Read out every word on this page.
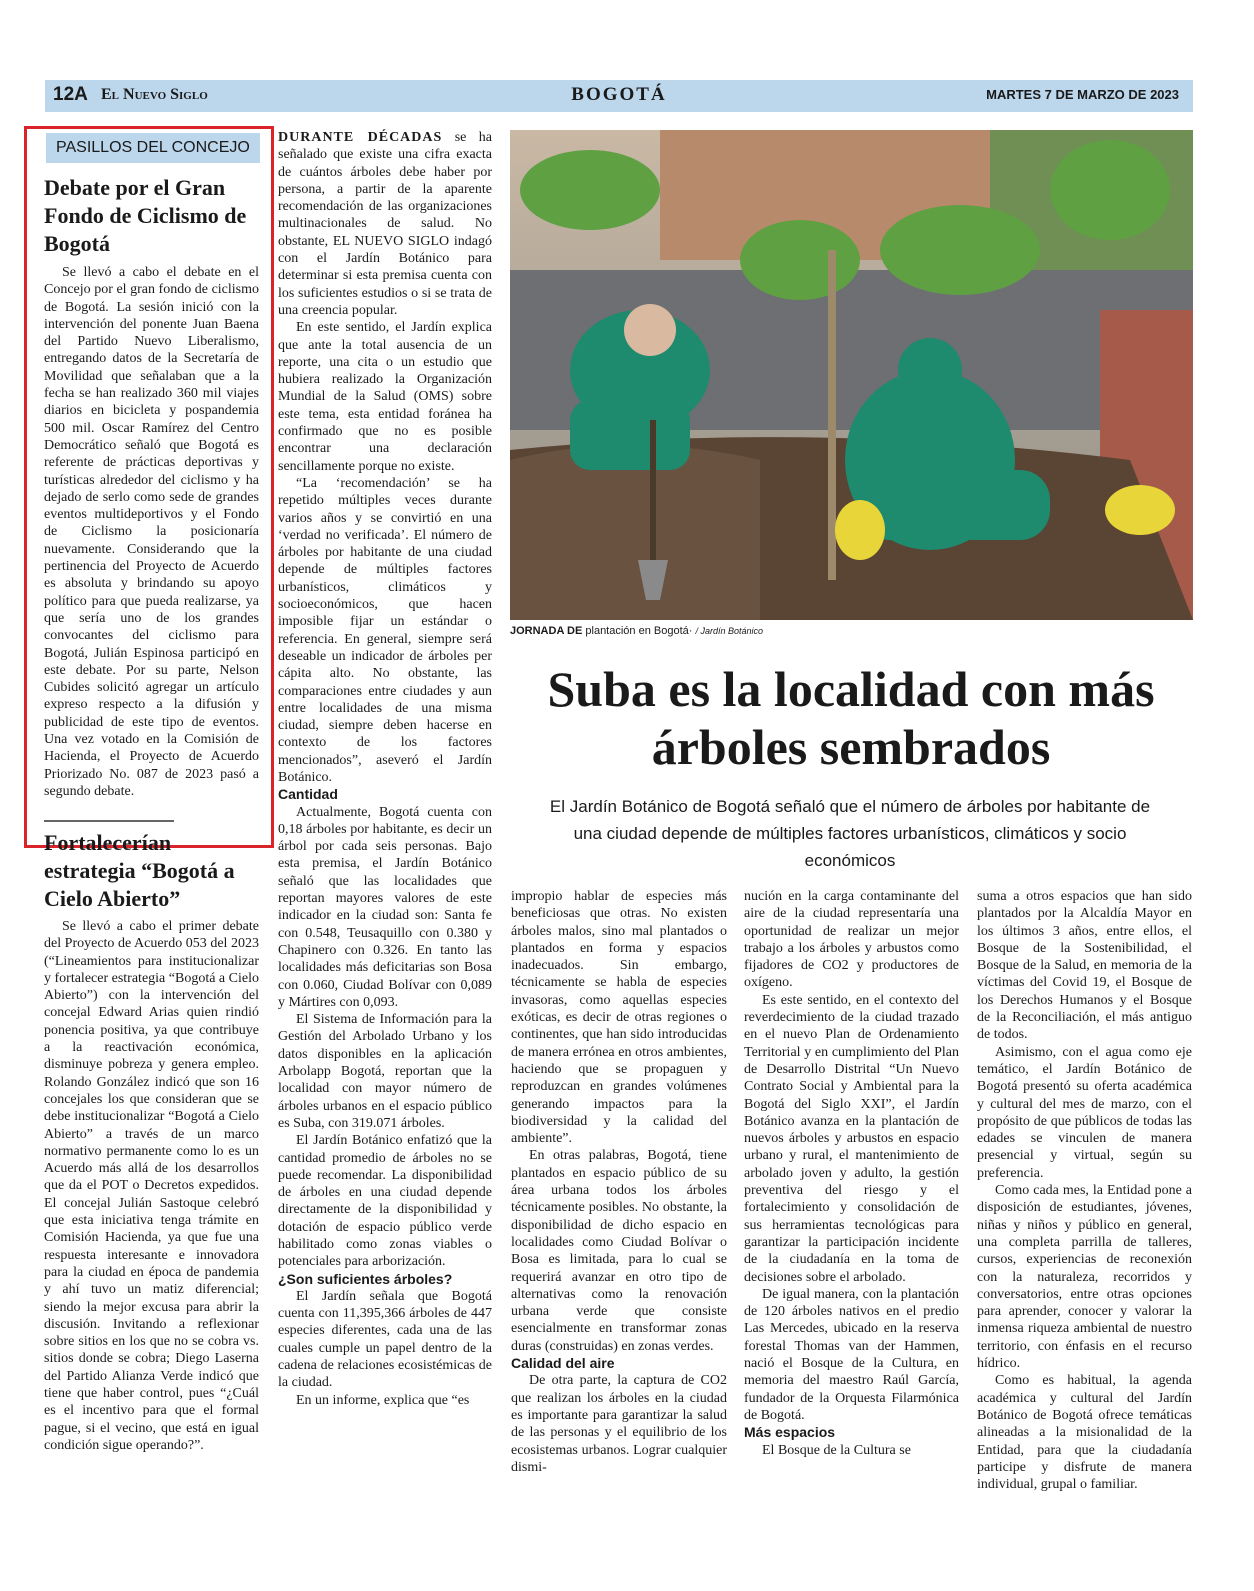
12A El Nuevo Siglo	BOGOTÁ	MARTES 7 DE MARZO DE 2023
PASILLOS DEL CONCEJO
Debate por el Gran Fondo de Ciclismo de Bogotá

Se llevó a cabo el debate en el Concejo por el gran fondo de ciclismo de Bogotá. La sesión inició con la intervención del ponente Juan Baena del Partido Nuevo Liberalismo, entregando datos de la Secretaría de Movilidad que señalaban que a la fecha se han realizado 360 mil viajes diarios en bicicleta y pospandemia 500 mil. Oscar Ramírez del Centro Democrático señaló que Bogotá es referente de prácticas deportivas y turísticas alrededor del ciclismo y ha dejado de serlo como sede de grandes eventos multideportivos y el Fondo de Ciclismo la posicionaría nuevamente. Considerando que la pertinencia del Proyecto de Acuerdo es absoluta y brindando su apoyo político para que pueda realizarse, ya que sería uno de los grandes convocantes del ciclismo para Bogotá, Julián Espinosa participó en este debate. Por su parte, Nelson Cubides solicitó agregar un artículo expreso respecto a la difusión y publicidad de este tipo de eventos. Una vez votado en la Comisión de Hacienda, el Proyecto de Acuerdo Priorizado No. 087 de 2023 pasó a segundo debate.

Fortalecerían estrategia “Bogotá a Cielo Abierto”

Se llevó a cabo el primer debate del Proyecto de Acuerdo 053 del 2023 (“Lineamientos para institucionalizar y fortalecer estrategia “Bogotá a Cielo Abierto”) con la intervención del concejal Edward Arias quien rindió ponencia positiva, ya que contribuye a la reactivación económica, disminuye pobreza y genera empleo. Rolando González indicó que son 16 concejales los que consideran que se debe institucionalizar “Bogotá a Cielo Abierto” a través de un marco normativo permanente como lo es un Acuerdo más allá de los desarrollos que da el POT o Decretos expedidos. El concejal Julián Sastoque celebró que esta iniciativa tenga trámite en Comisión Hacienda, ya que fue una respuesta interesante e innovadora para la ciudad en época de pandemia y ahí tuvo un matiz diferencial; siendo la mejor excusa para abrir la discusión. Invitando a reflexionar sobre sitios en los que no se cobra vs. sitios donde se cobra; Diego Laserna del Partido Alianza Verde indicó que tiene que haber control, pues “¿Cuál es el incentivo para que el formal pague, si el vecino, que está en igual condición sigue operando?”.

DURANTE DÉCADAS se ha señalado que existe una cifra exacta de cuántos árboles debe haber por persona, a partir de la aparente recomendación de las organizaciones multinacionales de salud. No obstante, EL NUEVO SIGLO indagó con el Jardín Botánico para determinar si esta premisa cuenta con los suficientes estudios o si se trata de una creencia popular.

En este sentido, el Jardín explica que ante la total ausencia de un reporte, una cita o un estudio que hubiera realizado la Organización Mundial de la Salud (OMS) sobre este tema, esta entidad foránea ha confirmado que no es posible encontrar una declaración sencillamente porque no existe.

“La ‘recomendación’ se ha repetido múltiples veces durante varios años y se convirtió en una ‘verdad no verificada’. El número de árboles por habitante de una ciudad depende de múltiples factores urbanísticos, climáticos y socioeconómicos, que hacen imposible fijar un estándar o referencia. En general, siempre será deseable un indicador de árboles per cápita alto. No obstante, las comparaciones entre ciudades y aun entre localidades de una misma ciudad, siempre deben hacerse en contexto de los factores mencionados”, aseveró el Jardín Botánico.

Cantidad

Actualmente, Bogotá cuenta con 0,18 árboles por habitante, es decir un árbol por cada seis personas. Bajo esta premisa, el Jardín Botánico señaló que las localidades que reportan mayores valores de este indicador en la ciudad son: Santa fe con 0.548, Teusaquillo con 0.380 y Chapinero con 0.326. En tanto las localidades más deficitarias son Bosa con 0.060, Ciudad Bolívar con 0,089 y Mártires con 0,093.

El Sistema de Información para la Gestión del Arbolado Urbano y los datos disponibles en la aplicación Arbolapp Bogotá, reportan que la localidad con mayor número de árboles urbanos en el espacio público es Suba, con 319.071 árboles.

El Jardín Botánico enfatizó que la cantidad promedio de árboles no se puede recomendar. La disponibilidad de árboles en una ciudad depende directamente de la disponibilidad y dotación de espacio público verde habilitado como zonas viables o potenciales para arborización.

¿Son suficientes árboles?

El Jardín señala que Bogotá cuenta con 11,395,366 árboles de 447 especies diferentes, cada una de las cuales cumple un papel dentro de la cadena de relaciones ecosistémicas de la ciudad.

En un informe, explica que “es

JORNADA DE plantación en Bogotá· / Jardín Botánico
Suba es la localidad con más árboles sembrados
El Jardín Botánico de Bogotá señaló que el número de árboles por habitante de una ciudad depende de múltiples factores urbanísticos, climáticos y socio económicos

impropio hablar de especies más beneficiosas que otras. No existen árboles malos, sino mal plantados o plantados en forma y espacios inadecuados. Sin embargo, técnicamente se habla de especies invasoras, como aquellas especies exóticas, es decir de otras regiones o continentes, que han sido introducidas de manera errónea en otros ambientes, haciendo que se propaguen y reproduzcan en grandes volúmenes generando impactos para la biodiversidad y la calidad del ambiente”.

En otras palabras, Bogotá, tiene plantados en espacio público de su área urbana todos los árboles técnicamente posibles. No obstante, la disponibilidad de dicho espacio en localidades como Ciudad Bolívar o Bosa es limitada, para lo cual se requerirá avanzar en otro tipo de alternativas como la renovación urbana verde que consiste esencialmente en transformar zonas duras (construidas) en zonas verdes.

Calidad del aire

De otra parte, la captura de CO2 que realizan los árboles en la ciudad es importante para garantizar la salud de las personas y el equilibrio de los ecosistemas urbanos. Lograr cualquier dismi-

nución en la carga contaminante del aire de la ciudad representaría una oportunidad de realizar un mejor trabajo a los árboles y arbustos como fijadores de CO2 y productores de oxígeno.

Es este sentido, en el contexto del reverdecimiento de la ciudad trazado en el nuevo Plan de Ordenamiento Territorial y en cumplimiento del Plan de Desarrollo Distrital “Un Nuevo Contrato Social y Ambiental para la Bogotá del Siglo XXI”, el Jardín Botánico avanza en la plantación de nuevos árboles y arbustos en espacio urbano y rural, el mantenimiento de arbolado joven y adulto, la gestión preventiva del riesgo y el fortalecimiento y consolidación de sus herramientas tecnológicas para garantizar la participación incidente de la ciudadanía en la toma de decisiones sobre el arbolado.

De igual manera, con la plantación de 120 árboles nativos en el predio Las Mercedes, ubicado en la reserva forestal Thomas van der Hammen, nació el Bosque de la Cultura, en memoria del maestro Raúl García, fundador de la Orquesta Filarmónica de Bogotá.

Más espacios

El Bosque de la Cultura se

suma a otros espacios que han sido plantados por la Alcaldía Mayor en los últimos 3 años, entre ellos, el Bosque de la Sostenibilidad, el Bosque de la Salud, en memoria de la víctimas del Covid 19, el Bosque de los Derechos Humanos y el Bosque de la Reconciliación, el más antiguo de todos.

Asimismo, con el agua como eje temático, el Jardín Botánico de Bogotá presentó su oferta académica y cultural del mes de marzo, con el propósito de que públicos de todas las edades se vinculen de manera presencial y virtual, según su preferencia.

Como cada mes, la Entidad pone a disposición de estudiantes, jóvenes, niñas y niños y público en general, una completa parrilla de talleres, cursos, experiencias de reconexión con la naturaleza, recorridos y conversatorios, entre otras opciones para aprender, conocer y valorar la inmensa riqueza ambiental de nuestro territorio, con énfasis en el recurso hídrico.

Como es habitual, la agenda académica y cultural del Jardín Botánico de Bogotá ofrece temáticas alineadas a la misionalidad de la Entidad, para que la ciudadanía participe y disfrute de manera individual, grupal o familiar.
